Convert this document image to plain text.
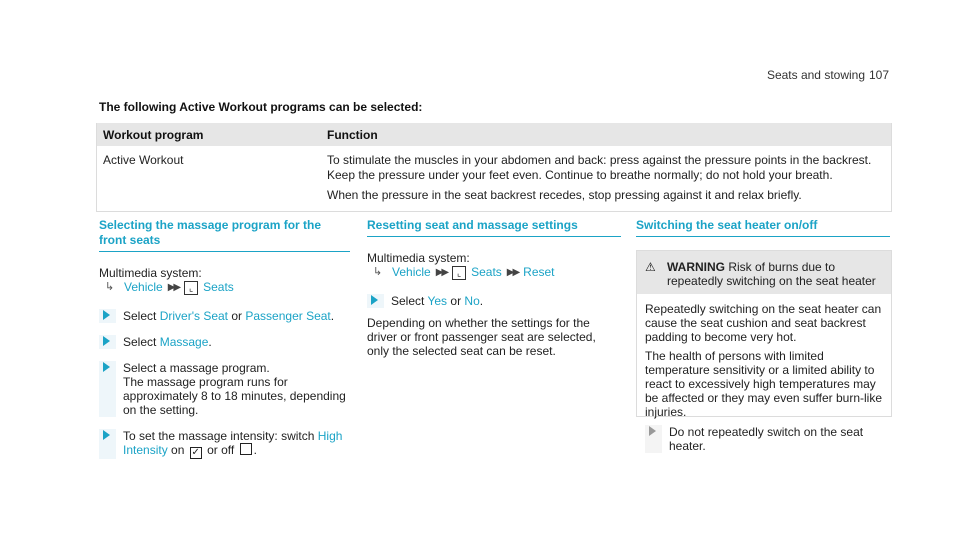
Seats and stowing 107
The following Active Workout programs can be selected:
Workout program	Function
Active Workout	To stimulate the muscles in your abdomen and back: press against the pressure points in the backrest. Keep the pressure under your feet even. Continue to breathe normally; do not hold your breath.

When the pressure in the seat backrest recedes, stop pressing against it and relax briefly.

Selecting the massage program for the front seats
Multimedia system:
↳ Vehicle ▶▶	⌞ Seats
Select Driver's Seat or Passenger Seat.
Select Massage.
Select a massage program.
The massage program runs for approximately 8 to 18 minutes, depending on the setting.
To set the massage intensity: switch High Intensity on ✓ or off .
Resetting seat and massage settings
Multimedia system:
↳ Vehicle ▶▶	⌞ Seats ▶▶ Reset
Select Yes or No.
Depending on whether the settings for the driver or front passenger seat are selected, only the selected seat can be reset.
Switching the seat heater on/off
⚠ WARNING Risk of burns due to repeatedly switching on the seat heater

Repeatedly switching on the seat heater can cause the seat cushion and seat backrest padding to become very hot.

The health of persons with limited temperature sensitivity or a limited ability to react to excessively high temperatures may be affected or they may even suffer burn-like injuries.

Do not repeatedly switch on the seat heater.
